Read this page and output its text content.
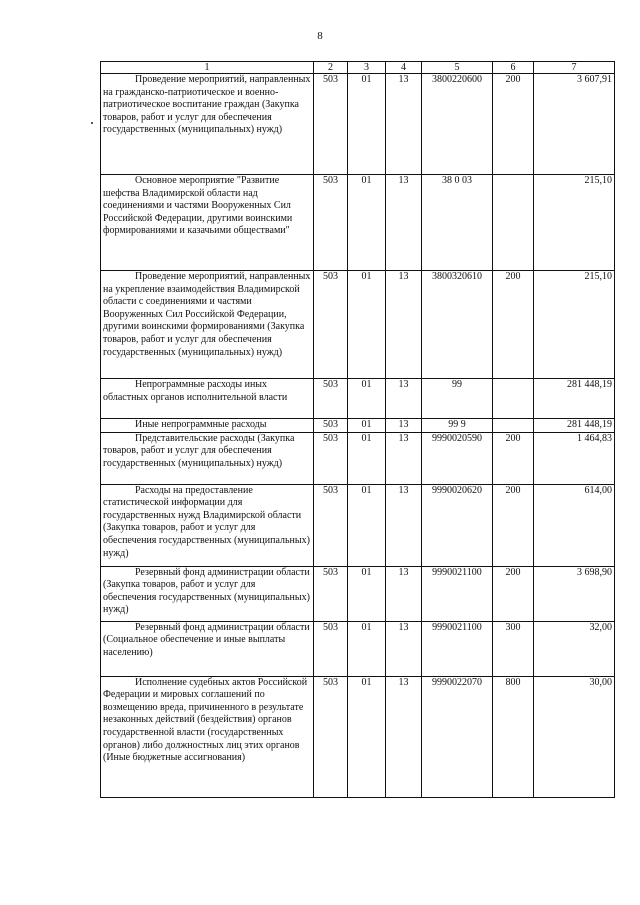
8
1	2	3	4	5	6	7
Проведение мероприятий, направленных на гражданско-патриотическое и военно-патриотическое воспитание граждан (Закупка товаров, работ и услуг для обеспечения государственных (муниципальных) нужд)	503	01	13	3800220600	200	3 607,91
Основное мероприятие "Развитие шефства Владимирской области над соединениями и частями Вооруженных Сил Российской Федерации, другими воинскими формированиями и казачьими обществами"	503	01	13	38 0 03		215,10
Проведение мероприятий, направленных на укрепление взаимодействия Владимирской области с соединениями и частями Вооруженных Сил Российской Федерации, другими воинскими формированиями (Закупка товаров, работ и услуг для обеспечения государственных (муниципальных) нужд)	503	01	13	3800320610	200	215,10
Непрограммные расходы иных областных органов исполнительной власти	503	01	13	99		281 448,19
Иные непрограммные расходы	503	01	13	99 9		281 448,19
Представительские расходы (Закупка товаров, работ и услуг для обеспечения государственных (муниципальных) нужд)	503	01	13	9990020590	200	1 464,83
Расходы на предоставление статистической информации для государственных нужд Владимирской области (Закупка товаров, работ и услуг для обеспечения государственных (муниципальных) нужд)	503	01	13	9990020620	200	614,00
Резервный фонд администрации области (Закупка товаров, работ и услуг для обеспечения государственных (муниципальных) нужд)	503	01	13	9990021100	200	3 698,90
Резервный фонд администрации области (Социальное обеспечение и иные выплаты населению)	503	01	13	9990021100	300	32,00
Исполнение судебных актов Российской Федерации и мировых соглашений по возмещению вреда, причиненного в результате незаконных действий (бездействия) органов государственной власти (государственных органов) либо должностных лиц этих органов (Иные бюджетные ассигнования)	503	01	13	9990022070	800	30,00
